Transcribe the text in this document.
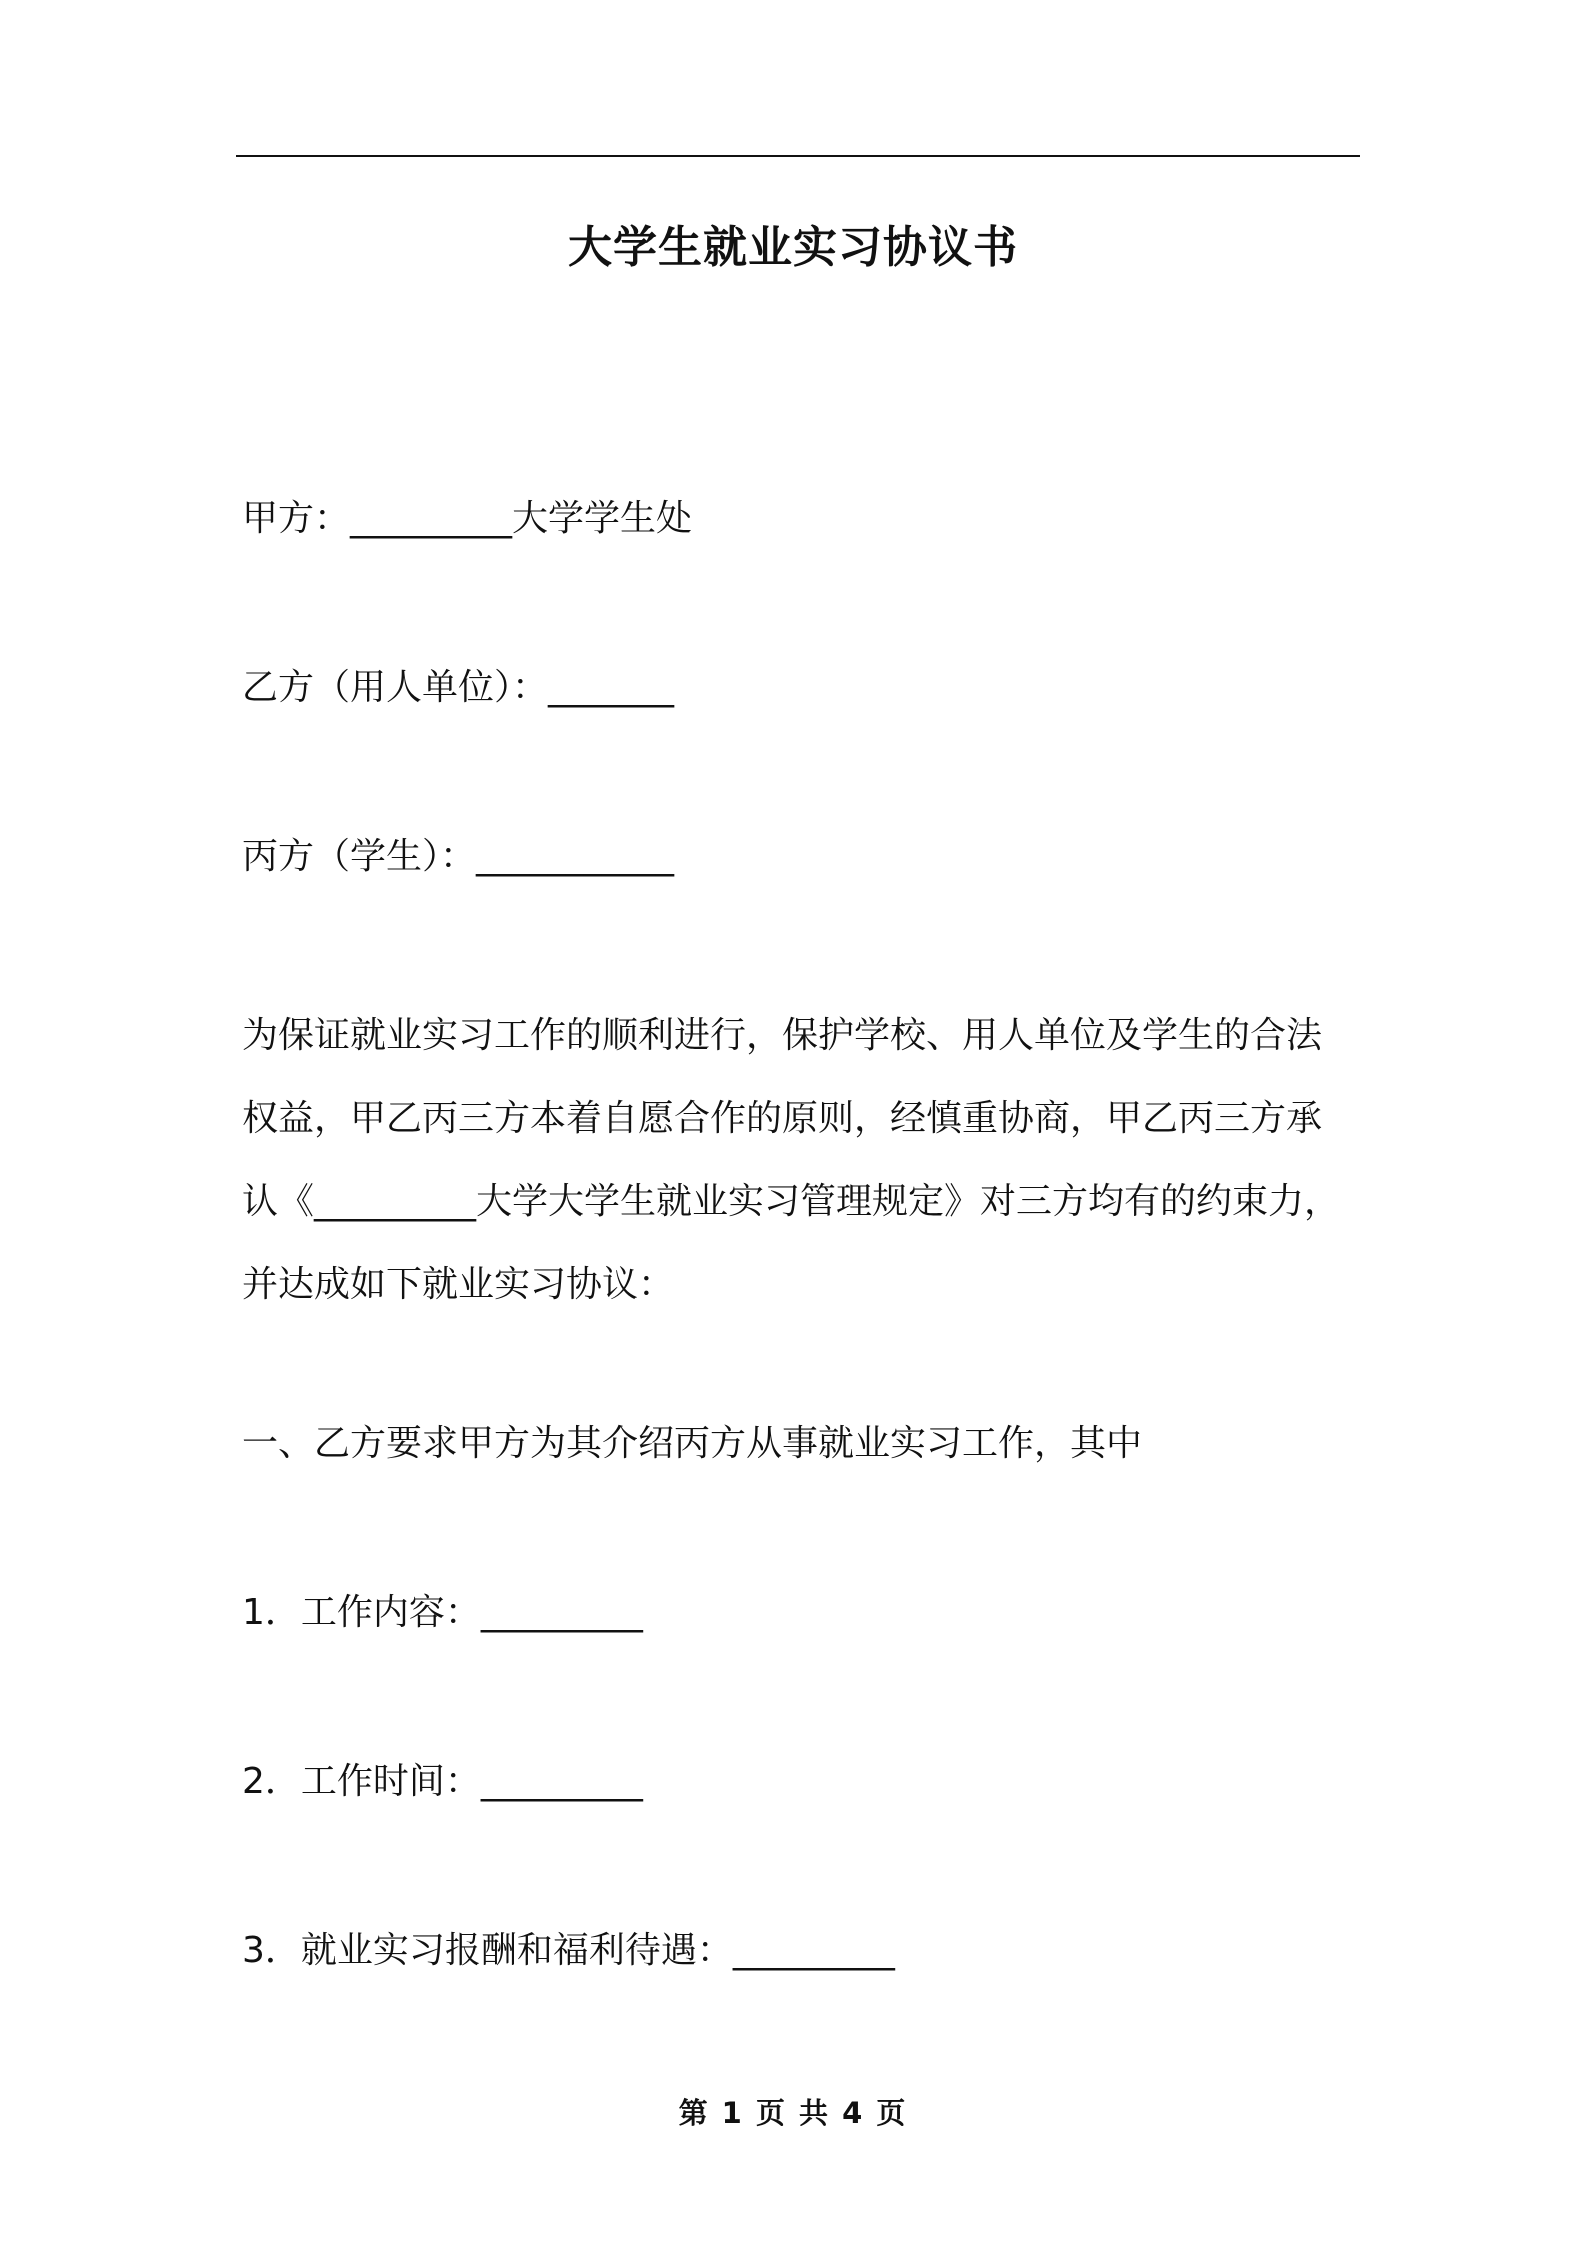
大学生就业实习协议书
甲方：_________大学学生处
乙方（用人单位）：_______
丙方（学生）：___________
为保证就业实习工作的顺利进行，保护学校、用人单位及学生的合法
权益，甲乙丙三方本着自愿合作的原则，经慎重协商，甲乙丙三方承
认《_________大学大学生就业实习管理规定》对三方均有的约束力，
并达成如下就业实习协议：
一、乙方要求甲方为其介绍丙方从事就业实习工作，其中
1．工作内容：_________
2．工作时间：_________
3．就业实习报酬和福利待遇：_________
第 1 页 共 4 页
